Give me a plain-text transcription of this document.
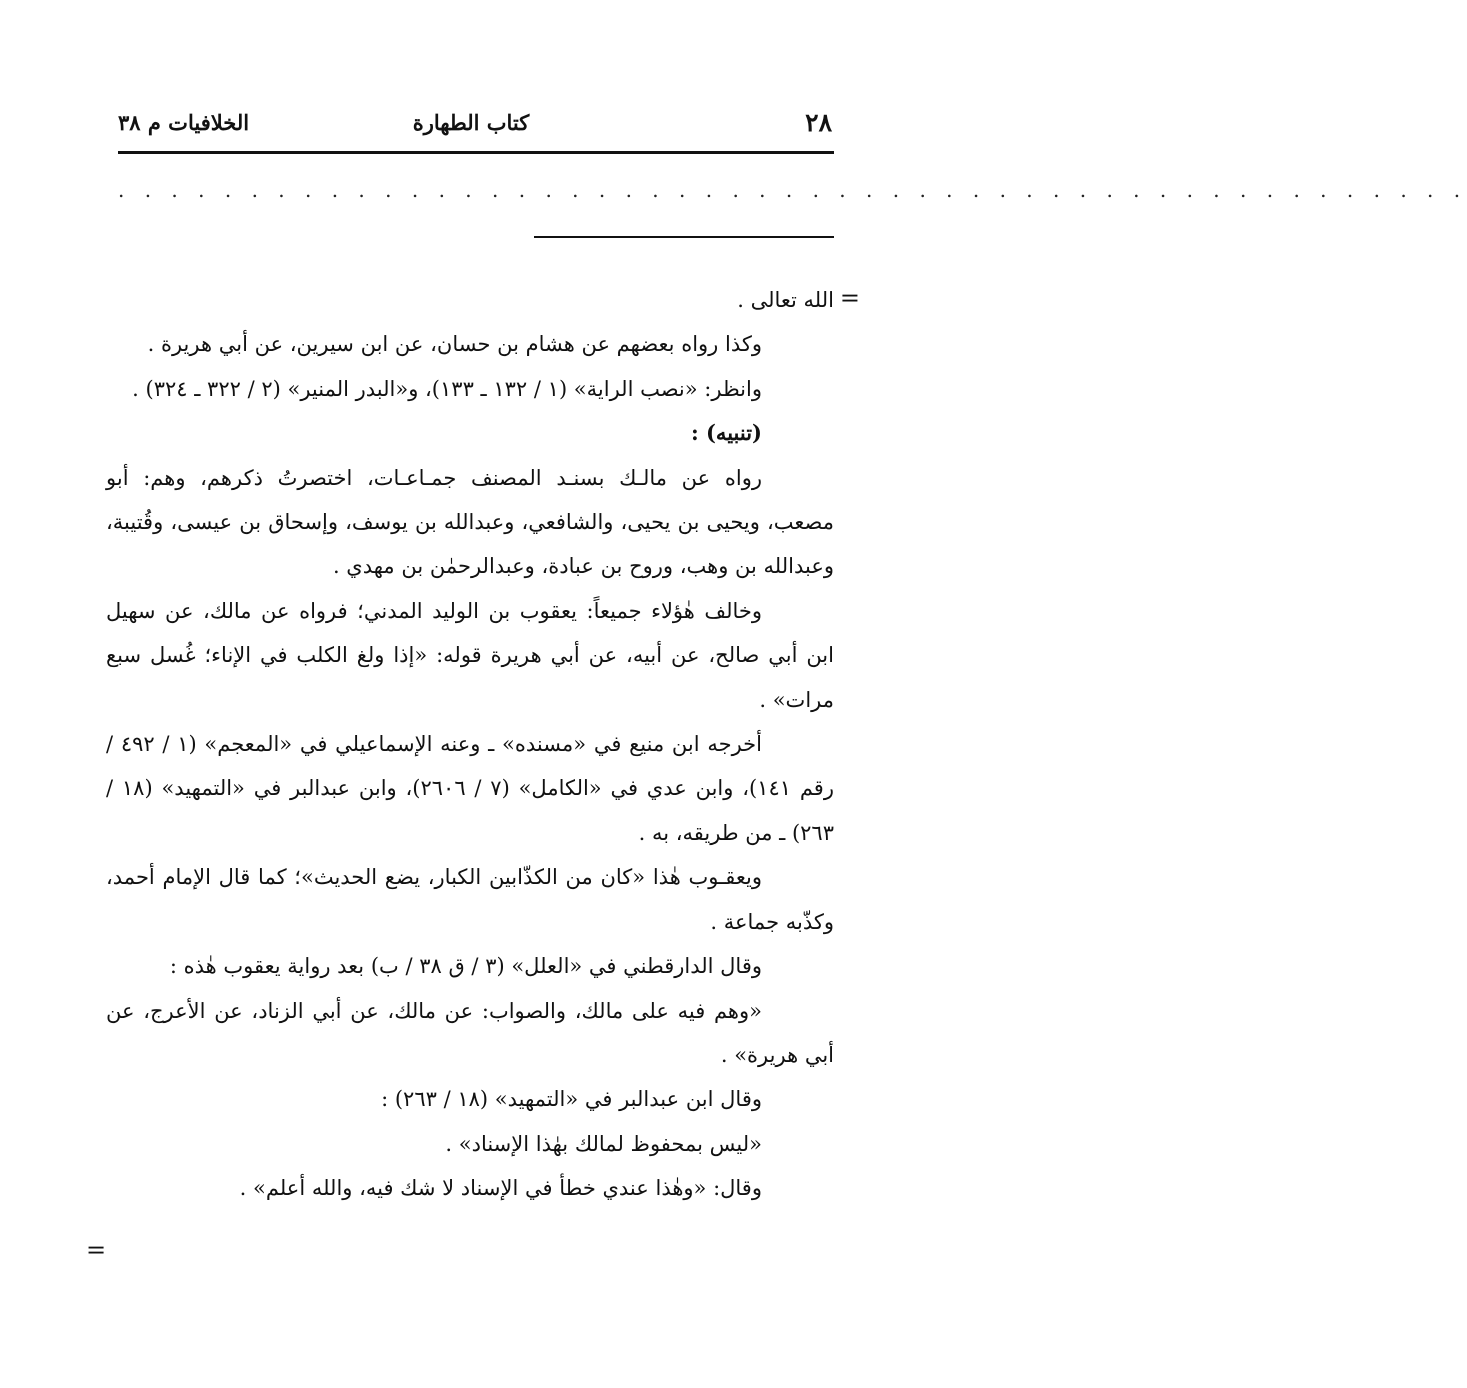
٢٨
كتاب الطهارة
الخلافيات م ٣٨
. . . . . . . . . . . . . . . . . . . . . . . . . . . . . . . . . . . . . . . . . . . . . . . . . . .
=

الله تعالى .

وكذا رواه بعضهم عن هشام بن حسان، عن ابن سيرين، عن أبي هريرة .

وانظر: «نصب الراية» (١ / ١٣٢ ـ ١٣٣)، و«البدر المنير» (٢ / ٣٢٢ ـ ٣٢٤) .

(تنبيه) :

رواه عن مالـك بسنـد المصنف جمـاعـات، اختصرتُ ذكرهم، وهم: أبو مصعب، ويحيى بن يحيى، والشافعي، وعبدالله بن يوسف، وإسحاق بن عيسى، وقُتيبة، وعبدالله بن وهب، وروح بن عبادة، وعبدالرحمٰن بن مهدي .

وخالف هٰؤلاء جميعاً: يعقوب بن الوليد المدني؛ فرواه عن مالك، عن سهيل ابن أبي صالح، عن أبيه، عن أبي هريرة قوله: «إذا ولغ الكلب في الإناء؛ غُسل سبع مرات» .

أخرجه ابن منيع في «مسنده» ـ وعنه الإسماعيلي في «المعجم» (١ / ٤٩٢ / رقم ١٤١)، وابن عدي في «الكامل» (٧ / ٢٦٠٦)، وابن عبدالبر في «التمهيد» (١٨ / ٢٦٣) ـ من طريقه، به .

ويعقـوب هٰذا «كان من الكذّابين الكبار، يضع الحديث»؛ كما قال الإمام أحمد، وكذّبه جماعة .

وقال الدارقطني في «العلل» (٣ / ق ٣٨ / ب) بعد رواية يعقوب هٰذه :

«وهم فيه على مالك، والصواب: عن مالك، عن أبي الزناد، عن الأعرج، عن أبي هريرة» .

وقال ابن عبدالبر في «التمهيد» (١٨ / ٢٦٣) :

«ليس بمحفوظ لمالك بهٰذا الإسناد» .

وقال: «وهٰذا عندي خطأ في الإسناد لا شك فيه، والله أعلم» .

=
